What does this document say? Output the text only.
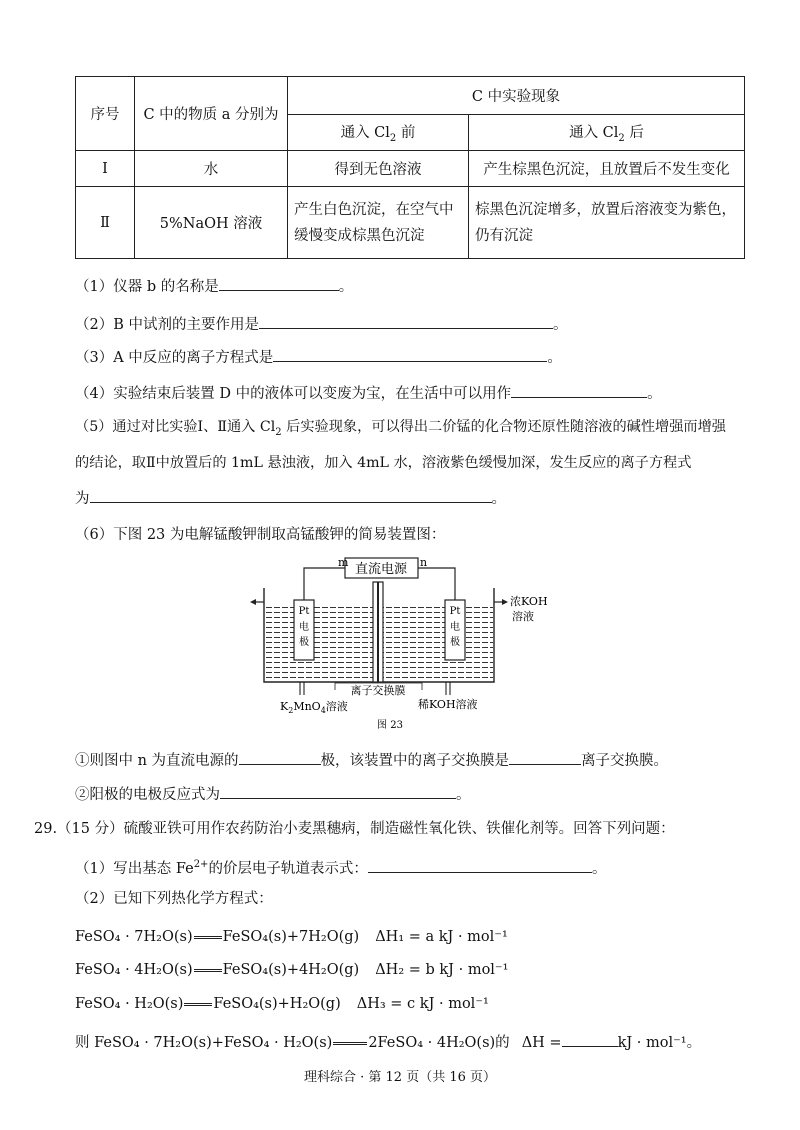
序号	C 中的物质 a 分别为	C 中实验现象	
		通入 $Cl_2$ 前	通入 $Cl_2$ 后
Ⅰ	水	得到无色溶液	产生棕黑色沉淀，且放置后不发生变化
Ⅱ	5%NaOH 溶液	产生白色沉淀，在空气中缓慢变成棕黑色沉淀	棕黑色沉淀增多，放置后溶液变为紫色，仍有沉淀
（1）仪器 b 的名称是	。
（2）B 中试剂的主要作用是	。
（3）A 中反应的离子方程式是	。
（4）实验结束后装置 D 中的液体可以变废为宝，在生活中可以用作	。
（5）通过对比实验Ⅰ、Ⅱ通入 $Cl_2$ 后实验现象，可以得出二价锰的化合物还原性随溶液的碱性增强而增强
的结论，取Ⅱ中放置后的 1mL 悬浊液，加入 4mL 水，溶液紫色缓慢加深，发生反应的离子方程式
为	。
（6）下图 23 为电解锰酸钾制取高锰酸钾的简易装置图：
直流电源
m	n
Pt
电
极
Pt
电
极
浓KOH
溶液
离子交换膜
$K_2MnO_4$溶液	稀KOH溶液
图 23
①则图中 n 为直流电源的	极，该装置中的离子交换膜是	离子交换膜。
②阳极的电极反应式为	。
29.（15 分）硫酸亚铁可用作农药防治小麦黑穗病，制造磁性氧化铁、铁催化剂等。回答下列问题：
（1）写出基态 $Fe^{2+}$的价层电子轨道表示式：	。
（2）已知下列热化学方程式：
FeSO₄ · 7H₂O(s) FeSO₄(s)+7H₂O(g) ΔH₁ = a kJ · mol⁻¹
FeSO₄ · 4H₂O(s) FeSO₄(s)+4H₂O(g) ΔH₂ = b kJ · mol⁻¹
FeSO₄ · H₂O(s) FeSO₄(s)+H₂O(g) ΔH₃ = c kJ · mol⁻¹
则 FeSO₄ · 7H₂O(s)+FeSO₄ · H₂O(s) 2FeSO₄ · 4H₂O(s)的 ΔH =	kJ · mol⁻¹。
理科综合 · 第 12 页（共 16 页）
